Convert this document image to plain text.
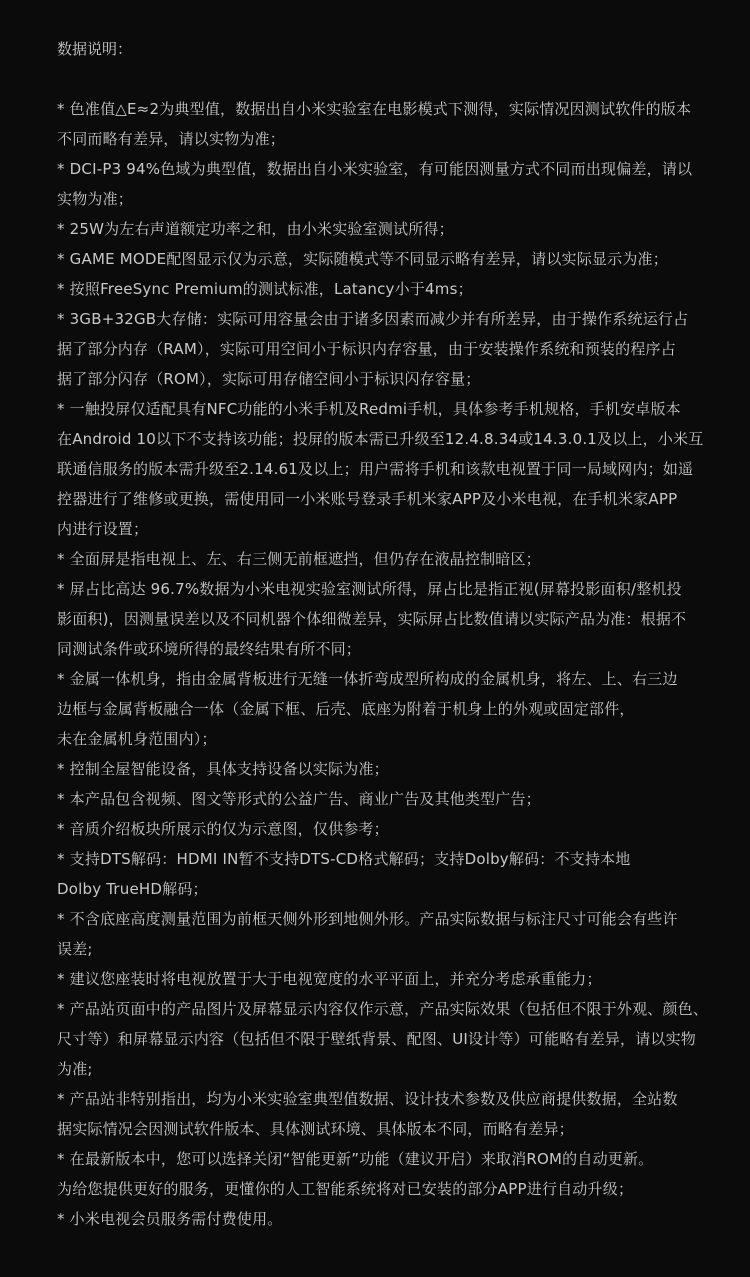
数据说明：

* 色准值△E≈2为典型值，数据出自小米实验室在电影模式下测得，实际情况因测试软件的版本
不同而略有差异，请以实物为准；

* DCI-P3 94%色域为典型值，数据出自小米实验室，有可能因测量方式不同而出现偏差，请以
实物为准；

* 25W为左右声道额定功率之和，由小米实验室测试所得；

* GAME MODE配图显示仅为示意，实际随模式等不同显示略有差异，请以实际显示为准；

* 按照FreeSync Premium的测试标准，Latancy小于4ms；

* 3GB+32GB大存储：实际可用容量会由于诸多因素而减少并有所差异，由于操作系统运行占
据了部分内存（RAM），实际可用空间小于标识内存容量，由于安装操作系统和预装的程序占
据了部分闪存（ROM），实际可用存储空间小于标识闪存容量；

* 一触投屏仅适配具有NFC功能的小米手机及Redmi手机，具体参考手机规格，手机安卓版本
在Android 10以下不支持该功能；投屏的版本需已升级至12.4.8.34或14.3.0.1及以上，小米互
联通信服务的版本需升级至2.14.61及以上；用户需将手机和该款电视置于同一局域网内；如遥
控器进行了维修或更换，需使用同一小米账号登录手机米家APP及小米电视，在手机米家APP
内进行设置；

* 全面屏是指电视上、左、右三侧无前框遮挡，但仍存在液晶控制暗区；

* 屏占比高达 96.7%数据为小米电视实验室测试所得，屏占比是指正视(屏幕投影面积/整机投
影面积)，因测量误差以及不同机器个体细微差异，实际屏占比数值请以实际产品为准：根据不
同测试条件或环境所得的最终结果有所不同；

* 金属一体机身，指由金属背板进行无缝一体折弯成型所构成的金属机身，将左、上、右三边
边框与金属背板融合一体（金属下框、后壳、底座为附着于机身上的外观或固定部件，
未在金属机身范围内）；

* 控制全屋智能设备，具体支持设备以实际为准；

* 本产品包含视频、图文等形式的公益广告、商业广告及其他类型广告；

* 音质介绍板块所展示的仅为示意图，仅供参考；

* 支持DTS解码：HDMI IN暂不支持DTS-CD格式解码；支持Dolby解码：不支持本地
Dolby TrueHD解码；

* 不含底座高度测量范围为前框天侧外形到地侧外形。产品实际数据与标注尺寸可能会有些许
误差;

* 建议您座装时将电视放置于大于电视宽度的水平平面上，并充分考虑承重能力；

* 产品站页面中的产品图片及屏幕显示内容仅作示意，产品实际效果（包括但不限于外观、颜色、
尺寸等）和屏幕显示内容（包括但不限于壁纸背景、配图、UI设计等）可能略有差异，请以实物
为准;

* 产品站非特别指出，均为小米实验室典型值数据、设计技术参数及供应商提供数据，全站数
据实际情况会因测试软件版本、具体测试环境、具体版本不同，而略有差异；

* 在最新版本中，您可以选择关闭“智能更新”功能（建议开启）来取消ROM的自动更新。
为给您提供更好的服务，更懂你的人工智能系统将对已安装的部分APP进行自动升级；

* 小米电视会员服务需付费使用。
